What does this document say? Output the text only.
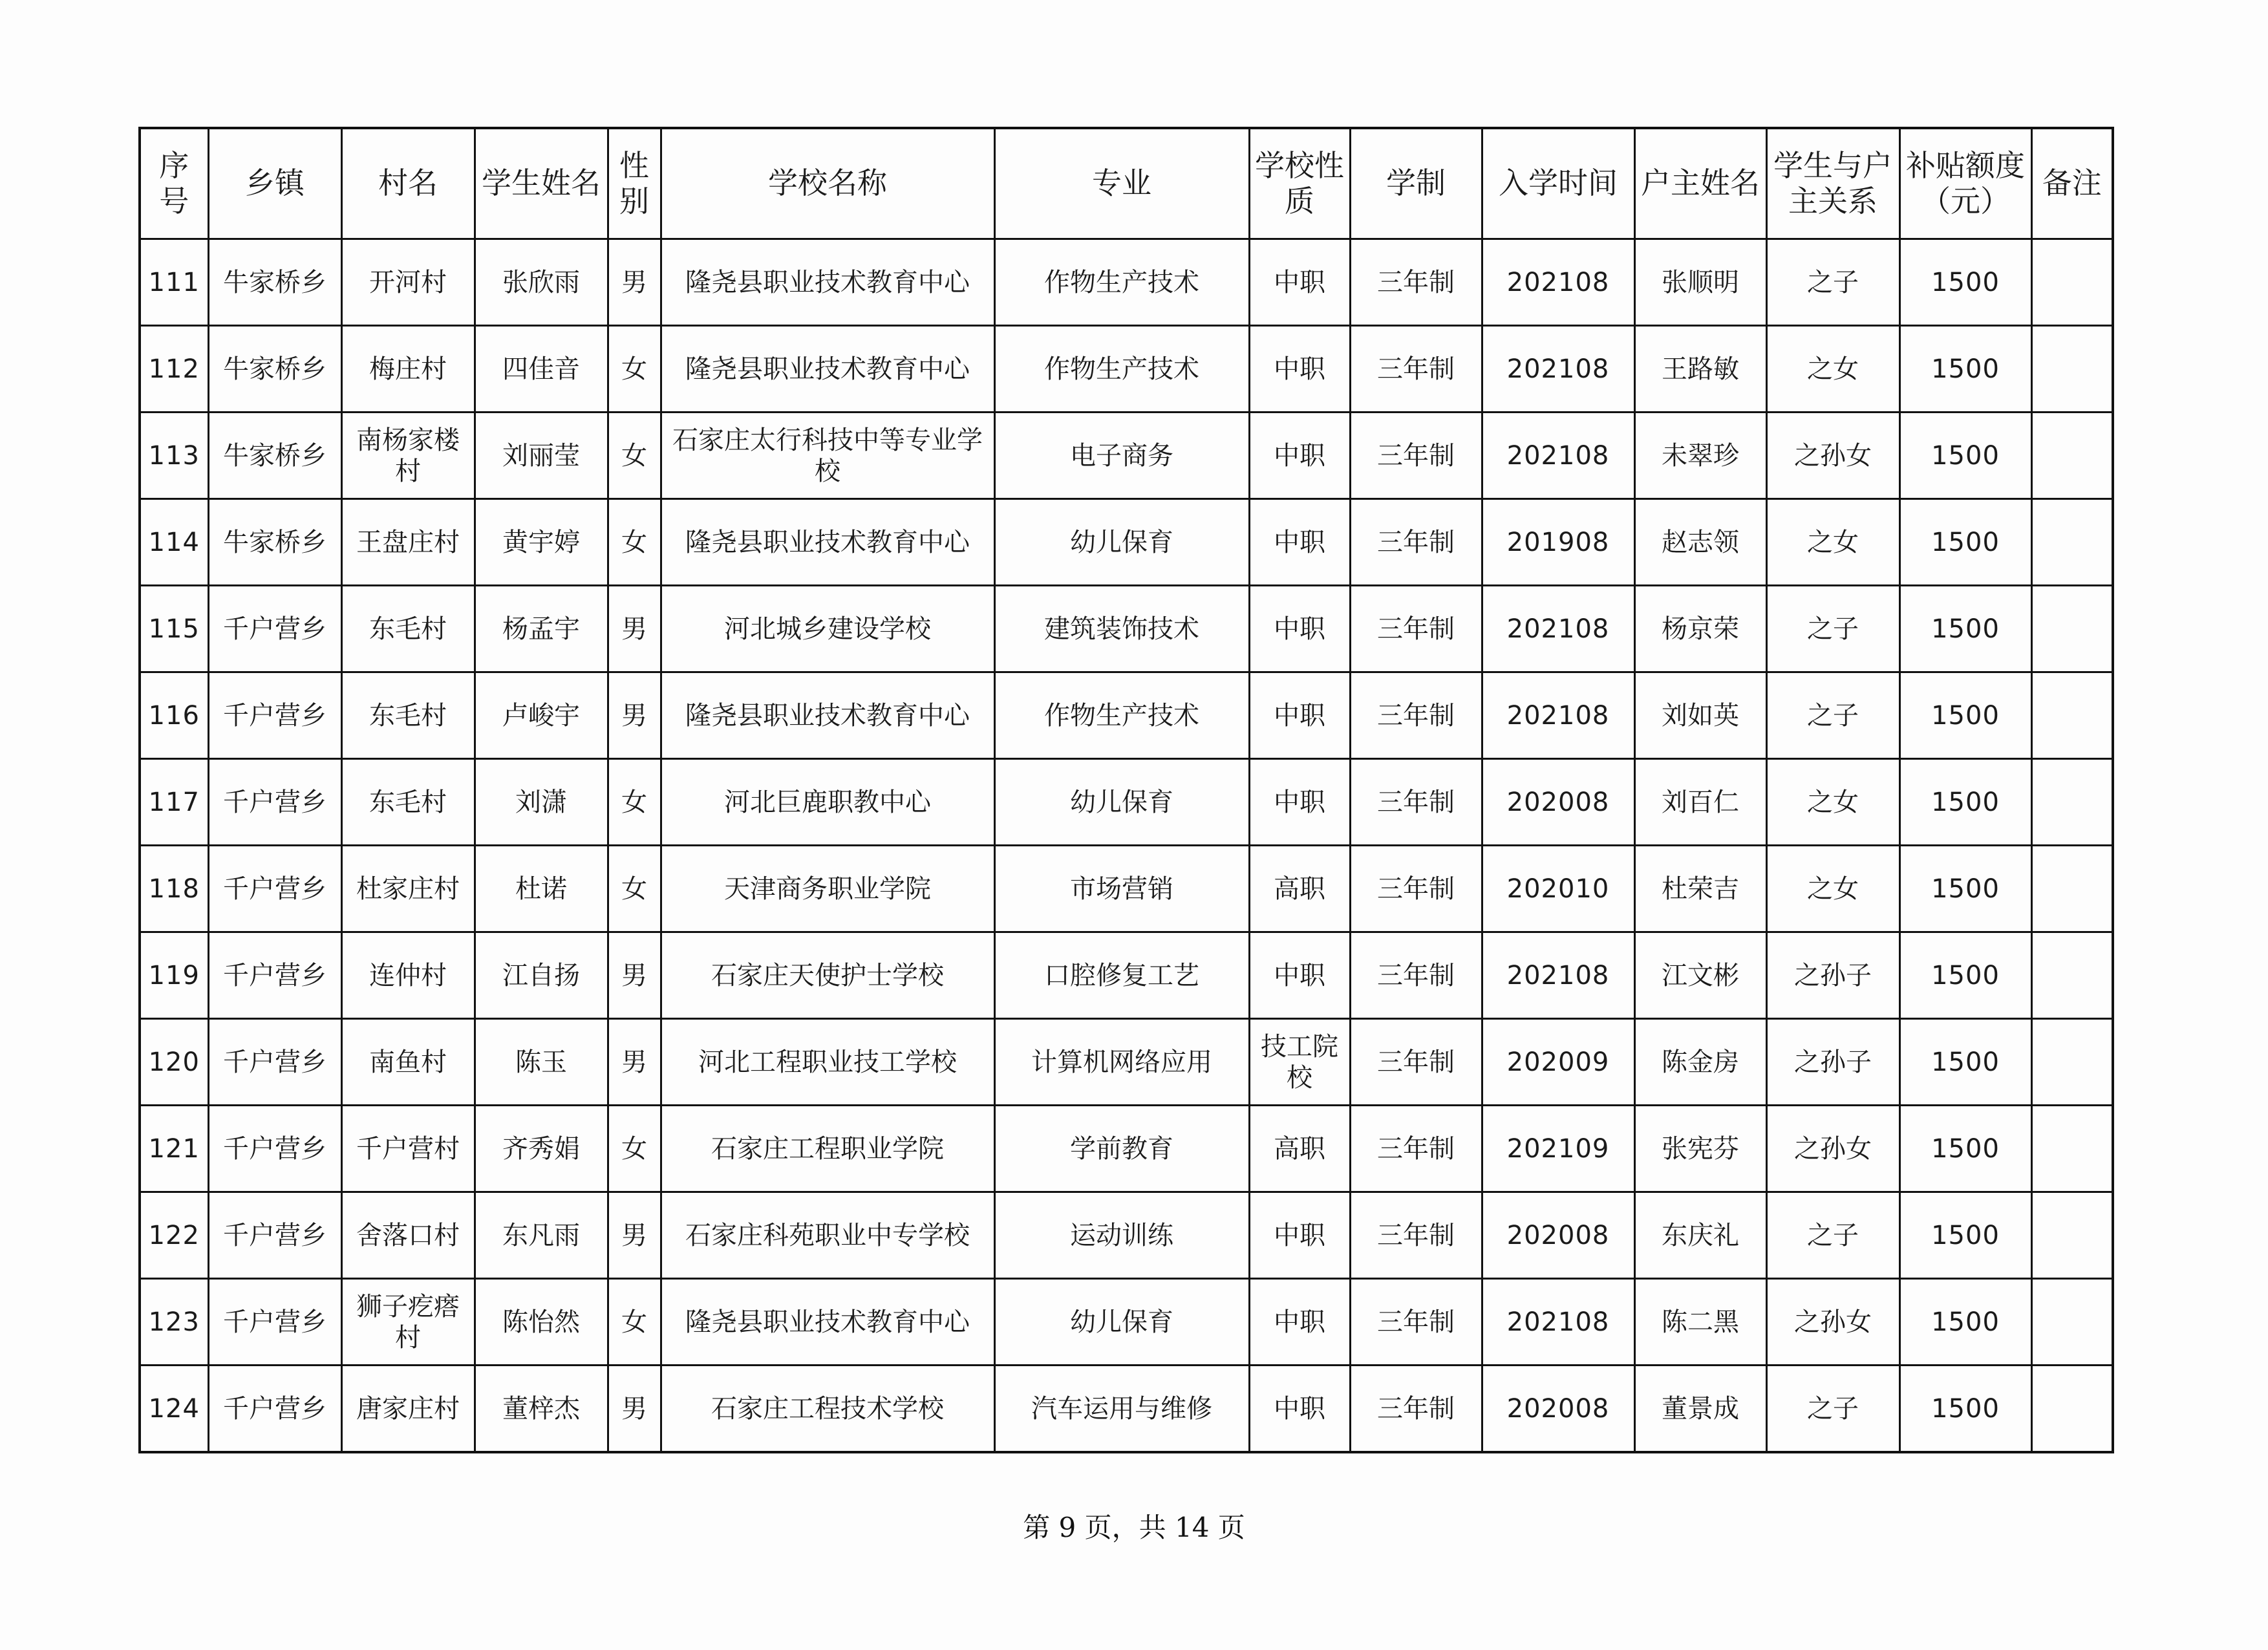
序号	乡镇	村名	学生姓名	性别	学校名称	专业	学校性质	学制	入学时间	户主姓名	学生与户主关系	补贴额度（元）	备注
111	牛家桥乡	开河村	张欣雨	男	隆尧县职业技术教育中心	作物生产技术	中职	三年制	202108	张顺明	之子	1500	
112	牛家桥乡	梅庄村	四佳音	女	隆尧县职业技术教育中心	作物生产技术	中职	三年制	202108	王路敏	之女	1500	
113	牛家桥乡	南杨家楼村	刘丽莹	女	石家庄太行科技中等专业学校	电子商务	中职	三年制	202108	未翠珍	之孙女	1500	
114	牛家桥乡	王盘庄村	黄宇婷	女	隆尧县职业技术教育中心	幼儿保育	中职	三年制	201908	赵志领	之女	1500	
115	千户营乡	东毛村	杨孟宇	男	河北城乡建设学校	建筑装饰技术	中职	三年制	202108	杨京荣	之子	1500	
116	千户营乡	东毛村	卢峻宇	男	隆尧县职业技术教育中心	作物生产技术	中职	三年制	202108	刘如英	之子	1500	
117	千户营乡	东毛村	刘潇	女	河北巨鹿职教中心	幼儿保育	中职	三年制	202008	刘百仁	之女	1500	
118	千户营乡	杜家庄村	杜诺	女	天津商务职业学院	市场营销	高职	三年制	202010	杜荣吉	之女	1500	
119	千户营乡	连仲村	江自扬	男	石家庄天使护士学校	口腔修复工艺	中职	三年制	202108	江文彬	之孙子	1500	
120	千户营乡	南鱼村	陈玉	男	河北工程职业技工学校	计算机网络应用	技工院校	三年制	202009	陈金房	之孙子	1500	
121	千户营乡	千户营村	齐秀娟	女	石家庄工程职业学院	学前教育	高职	三年制	202109	张宪芬	之孙女	1500	
122	千户营乡	舍落口村	东凡雨	男	石家庄科苑职业中专学校	运动训练	中职	三年制	202008	东庆礼	之子	1500	
123	千户营乡	狮子疙瘩村	陈怡然	女	隆尧县职业技术教育中心	幼儿保育	中职	三年制	202108	陈二黑	之孙女	1500	
124	千户营乡	唐家庄村	董梓杰	男	石家庄工程技术学校	汽车运用与维修	中职	三年制	202008	董景成	之子	1500	
第 9 页，共 14 页
